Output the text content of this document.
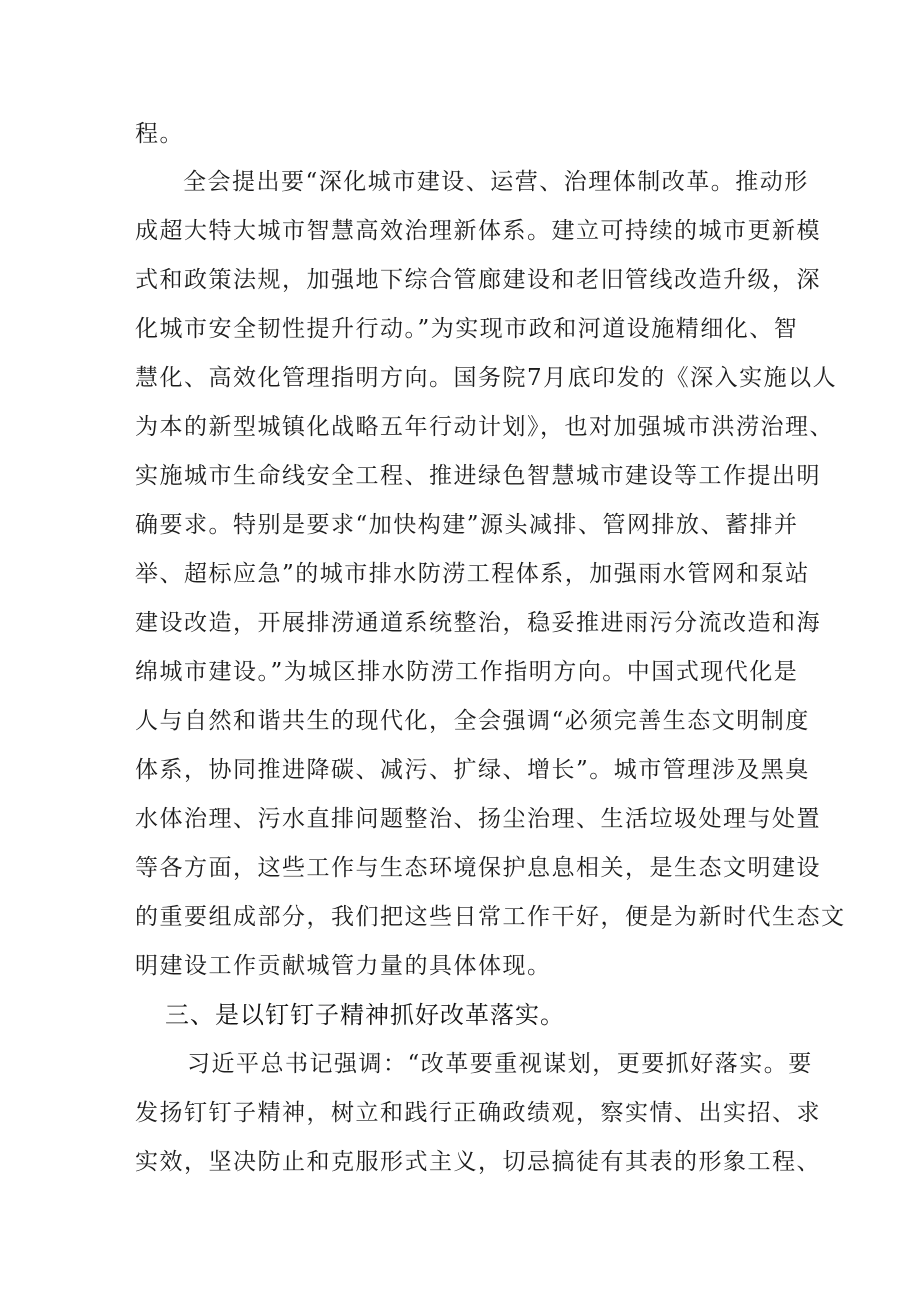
程。
全会提出要“深化城市建设、运营、治理体制改革。推动形
成超大特大城市智慧高效治理新体系。建立可持续的城市更新模
式和政策法规，加强地下综合管廊建设和老旧管线改造升级，深
化城市安全韧性提升行动。”为实现市政和河道设施精细化、智
慧化、高效化管理指明方向。国务院7月底印发的《深入实施以人
为本的新型城镇化战略五年行动计划》，也对加强城市洪涝治理、
实施城市生命线安全工程、推进绿色智慧城市建设等工作提出明
确要求。特别是要求“加快构建”源头减排、管网排放、蓄排并
举、超标应急”的城市排水防涝工程体系，加强雨水管网和泵站
建设改造，开展排涝通道系统整治，稳妥推进雨污分流改造和海
绵城市建设。”为城区排水防涝工作指明方向。中国式现代化是
人与自然和谐共生的现代化，全会强调“必须完善生态文明制度
体系，协同推进降碳、减污、扩绿、增长”。城市管理涉及黑臭
水体治理、污水直排问题整治、扬尘治理、生活垃圾处理与处置
等各方面，这些工作与生态环境保护息息相关，是生态文明建设
的重要组成部分，我们把这些日常工作干好，便是为新时代生态文
明建设工作贡献城管力量的具体体现。
三、是以钉钉子精神抓好改革落实。
习近平总书记强调：“改革要重视谋划，更要抓好落实。要
发扬钉钉子精神，树立和践行正确政绩观，察实情、出实招、求
实效，坚决防止和克服形式主义，切忌搞徒有其表的形象工程、
